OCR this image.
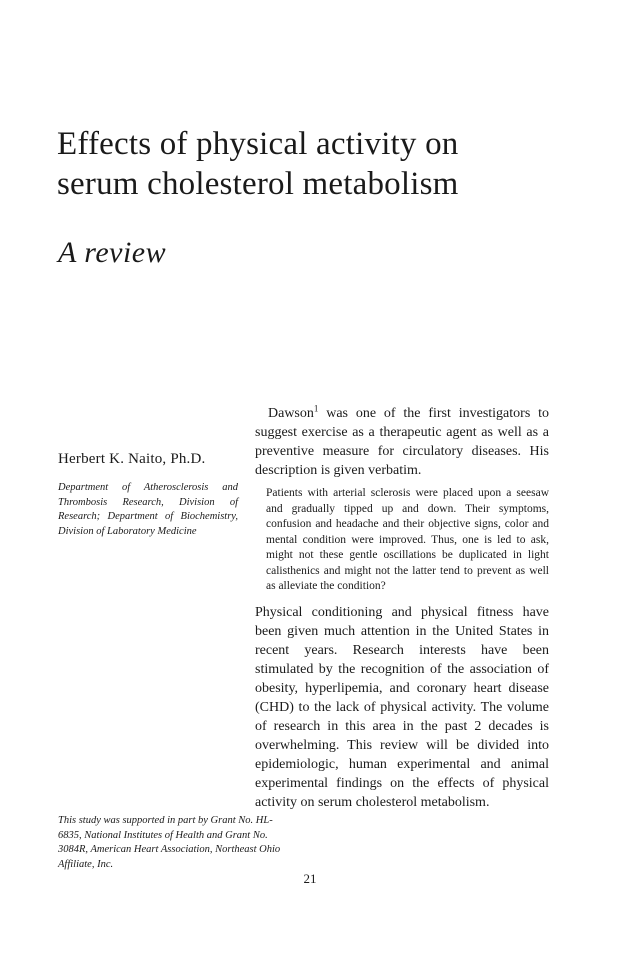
Effects of physical activity on
serum cholesterol metabolism
A review
Herbert K. Naito, Ph.D.
Department of Atherosclerosis and Thrombosis Research, Division of Research; Department of Biochemistry, Division of Laboratory Medicine

Dawson$^1$ was one of the first investigators to suggest exercise as a therapeutic agent as well as a preventive measure for circulatory diseases. His description is given verbatim.

Patients with arterial sclerosis were placed upon a seesaw and gradually tipped up and down. Their symptoms, confusion and headache and their objective signs, color and mental condition were improved. Thus, one is led to ask, might not these gentle oscillations be duplicated in light calisthenics and might not the latter tend to prevent as well as alleviate the condition?

Physical conditioning and physical fitness have been given much attention in the United States in recent years. Research interests have been stimulated by the recognition of the association of obesity, hyperlipemia, and coronary heart disease (CHD) to the lack of physical activity. The volume of research in this area in the past 2 decades is overwhelming. This review will be divided into epidemiologic, human experimental and animal experimental findings on the effects of physical activity on serum cholesterol metabolism.

This study was supported in part by Grant No. HL-6835, National Institutes of Health and Grant No. 3084R, American Heart Association, Northeast Ohio Affiliate, Inc.
21
